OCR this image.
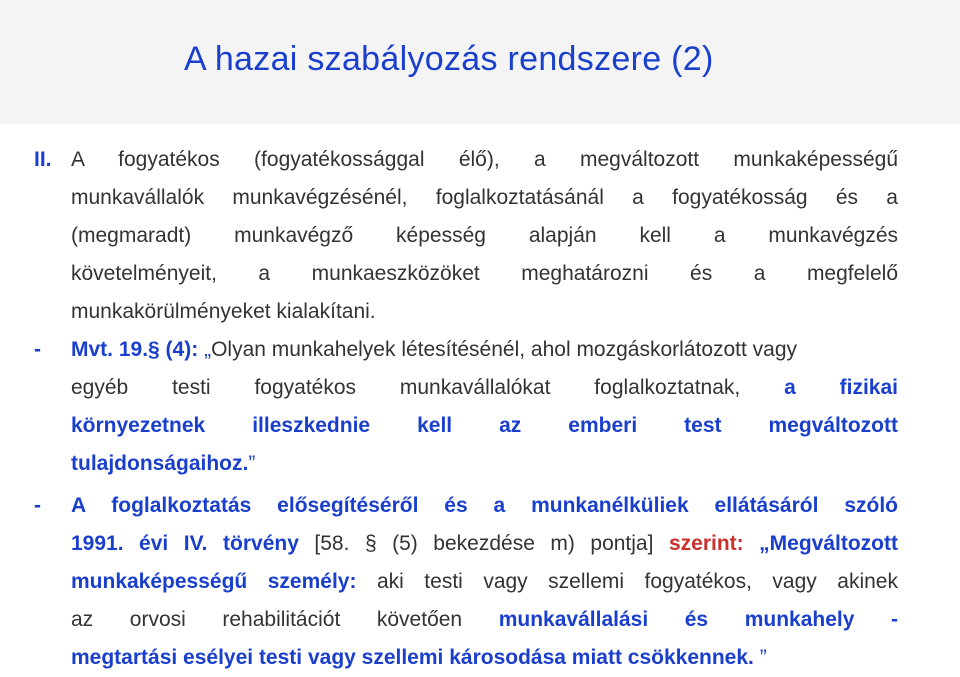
A hazai szabályozás rendszere (2)
II. A fogyatékos (fogyatékossággal élő), a megváltozott munkaképességű
munkavállalók munkavégzésénél, foglalkoztatásánál a fogyatékosság és a
(megmaradt) munkavégző képesség alapján kell a munkavégzés
követelményeit, a munkaeszközöket meghatározni és a megfelelő
munkakörülményeket kialakítani.
-	Mvt. 19.§ (4): „Olyan munkahelyek létesítésénél, ahol mozgáskorlátozott vagy
egyéb testi fogyatékos munkavállalókat foglalkoztatnak, a fizikai
környezetnek illeszkednie kell az emberi test megváltozott
tulajdonságaihoz.”
-	A foglalkoztatás elősegítéséről és a munkanélküliek ellátásáról szóló
1991. évi IV. törvény [58. § (5) bekezdése m) pontja] szerint: „Megváltozott
munkaképességű személy: aki testi vagy szellemi fogyatékos, vagy akinek
az orvosi rehabilitációt követően munkavállalási és munkahely -
megtartási esélyei testi vagy szellemi károsodása miatt csökkennek. ”
